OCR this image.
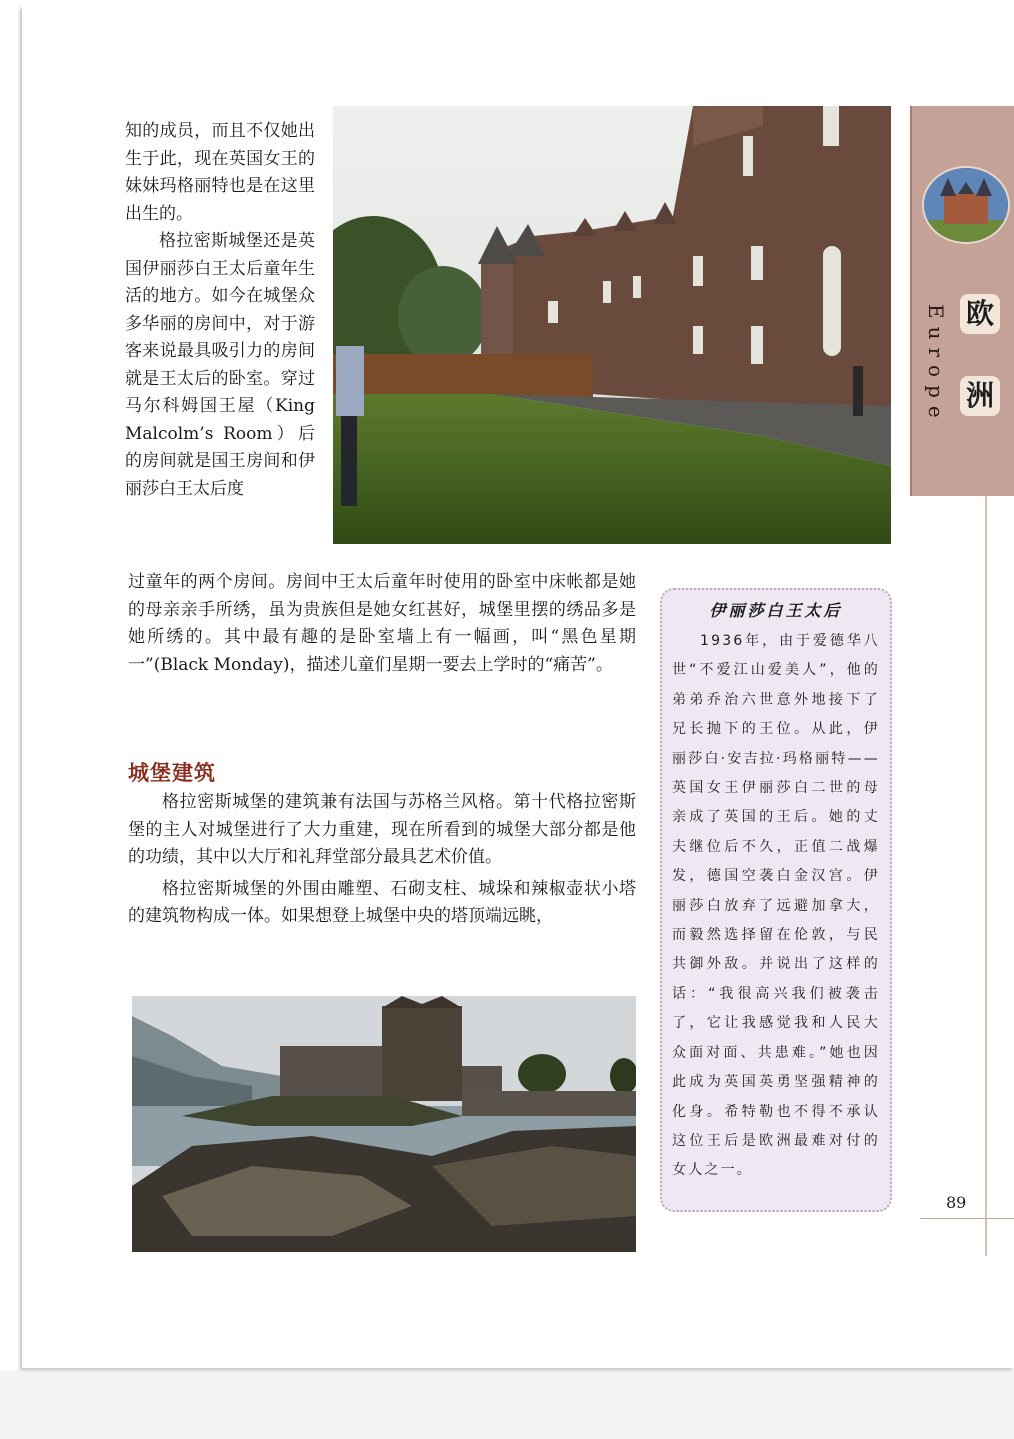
知的成员，而且不仅她出生于此，现在英国女王的妹妹玛格丽特也是在这里出生的。

格拉密斯城堡还是英国伊丽莎白王太后童年生活的地方。如今在城堡众多华丽的房间中，对于游客来说最具吸引力的房间就是王太后的卧室。穿过马尔科姆国王屋（King Malcolm’s Room）后的房间就是国王房间和伊丽莎白王太后度

过童年的两个房间。房间中王太后童年时使用的卧室中床帐都是她的母亲亲手所绣，虽为贵族但是她女红甚好，城堡里摆的绣品多是她所绣的。其中最有趣的是卧室墙上有一幅画，叫“黑色星期一”(Black Monday)，描述儿童们星期一要去上学时的“痛苦”。

城堡建筑

格拉密斯城堡的建筑兼有法国与苏格兰风格。第十代格拉密斯堡的主人对城堡进行了大力重建，现在所看到的城堡大部分都是他的功绩，其中以大厅和礼拜堂部分最具艺术价值。

格拉密斯城堡的外围由雕塑、石砌支柱、城垛和辣椒壶状小塔的建筑物构成一体。如果想登上城堡中央的塔顶端远眺，

Europe 欧
洲
伊丽莎白王太后

1936年，由于爱德华八世“不爱江山爱美人”，他的弟弟乔治六世意外地接下了兄长抛下的王位。从此，伊丽莎白·安吉拉·玛格丽特——英国女王伊丽莎白二世的母亲成了英国的王后。她的丈夫继位后不久，正值二战爆发，德国空袭白金汉宫。伊丽莎白放弃了远避加拿大，而毅然选择留在伦敦，与民共御外敌。并说出了这样的话：“我很高兴我们被袭击了，它让我感觉我和人民大众面对面、共患难。”她也因此成为英国英勇坚强精神的化身。希特勒也不得不承认这位王后是欧洲最难对付的女人之一。

89
